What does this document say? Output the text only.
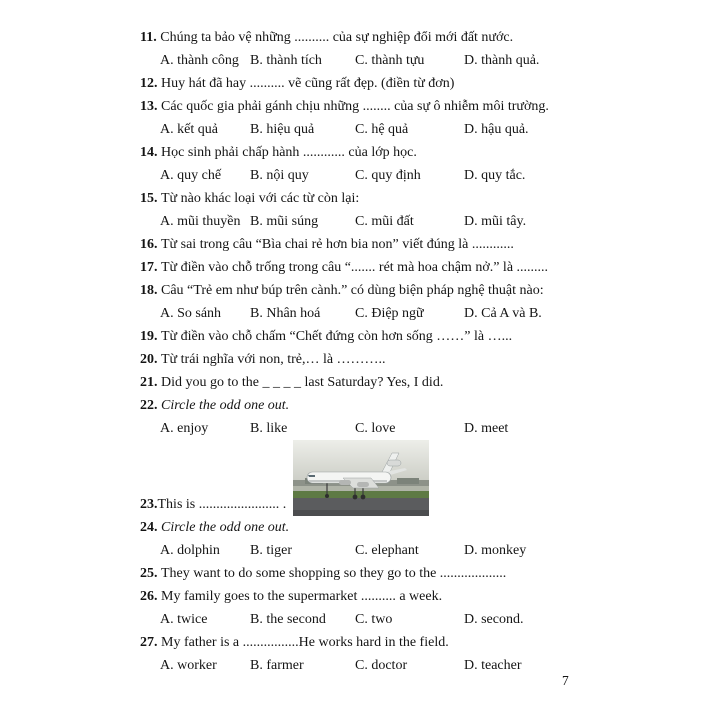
11. Chúng ta bảo vệ những .......... của sự nghiệp đổi mới đất nước.
A. thành công B. thành tích	C. thành tựu	D. thành quả.
12. Huy hát đã hay .......... vẽ cũng rất đẹp. (điền từ đơn)
13. Các quốc gia phải gánh chịu những ........ của sự ô nhiễm môi trường.
A. kết quả	B. hiệu quả	C. hệ quả	D. hậu quả.
14. Học sinh phải chấp hành ............ của lớp học.
A. quy chế	B. nội quy	C. quy định	D. quy tắc.
15. Từ nào khác loại với các từ còn lại:
A. mũi thuyền B. mũi súng	C. mũi đất	D. mũi tây.
16. Từ sai trong câu “Bìa chai rẻ hơn bia non” viết đúng là ............
17. Từ điền vào chỗ trống trong câu “....... rét mà hoa chậm nở.” là .........
18. Câu “Trẻ em như búp trên cành.” có dùng biện pháp nghệ thuật nào:
A. So sánh	B. Nhân hoá	C. Điệp ngữ	D. Cả A và B.
19. Từ điền vào chỗ chấm “Chết đứng còn hơn sống ……” là …...
20. Từ trái nghĩa với non, trẻ,… là ………..
21. Did you go to the _ _ _ _ last Saturday? Yes, I did.
22. Circle the odd one out.
A. enjoy	B. like	C. love	D. meet
23. This is ....................... .
24. Circle the odd one out.
A. dolphin	B. tiger	C. elephant	D. monkey
25. They want to do some shopping so they go to the ...................
26. My family goes to the supermarket .......... a week.
A. twice	B. the second	C. two	D. second.
27. My father is a ................He works hard in the field.
A. worker	B. farmer	C. doctor	D. teacher
7
